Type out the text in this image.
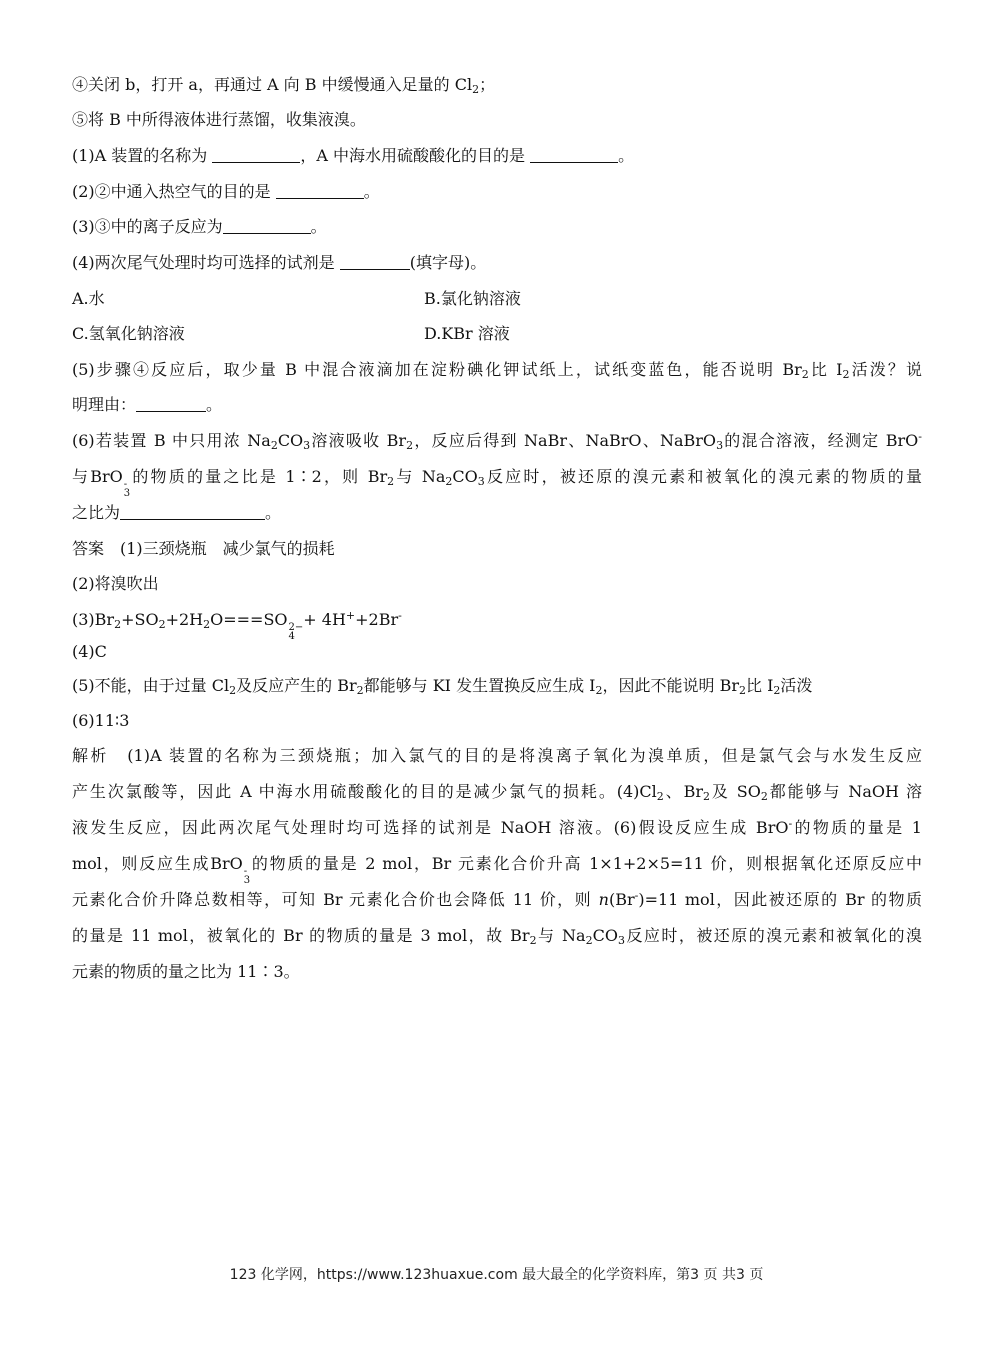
④关闭 b，打开 a，再通过 A 向 B 中缓慢通入足量的 $Cl_2$；
⑤将 B 中所得液体进行蒸馏，收集液溴。
(1)A 装置的名称为	，A 中海水用硫酸酸化的目的是	。
(2)②中通入热空气的目的是	。
(3)③中的离子反应为	。
(4)两次尾气处理时均可选择的试剂是	(填字母)。
A.水	B.氯化钠溶液
C.氢氧化钠溶液	D.KBr 溶液
(5)步骤④反应后，取少量 B 中混合液滴加在淀粉碘化钾试纸上，试纸变蓝色，能否说明 $Br_2$比 $I_2$活泼？说
明理由：	。
(6)若装置 B 中只用浓 $Na_2CO_3$溶液吸收 $Br_2$，反应后得到 NaBr、NaBrO、NaBrO$_3$的混合溶液，经测定 BrO-
与BrO -
3
的物质的量之比是 1∶2，则 $Br_2$与 $Na_2CO_3$反应时，被还原的溴元素和被氧化的溴元素的物质的量
之比为	。
答案　(1)三颈烧瓶　减少氯气的损耗
(2)将溴吹出
$(3)Br_2+SO_2+2H_2O===SO$ 2−
4
+ 4H++2Br-
(4)C
(5)不能，由于过量 $Cl_2$及反应产生的 $Br_2$都能够与 KI 发生置换反应生成 $I_2$，因此不能说明 $Br_2$比 $I_2$活泼
(6)11∶3
解析　(1)A 装置的名称为三颈烧瓶；加入氯气的目的是将溴离子氧化为溴单质，但是氯气会与水发生反应
产生次氯酸等，因此 A 中海水用硫酸酸化的目的是减少氯气的损耗。$(4)Cl_2$、$Br_2$及 $SO_2$都能够与 NaOH 溶
液发生反应，因此两次尾气处理时均可选择的试剂是 NaOH 溶液。(6)假设反应生成 BrO-的物质的量是 1
mol，则反应生成BrO -
3
的物质的量是 2 mol，Br 元素化合价升高 1×1+2×5=11 价，则根据氧化还原反应中
元素化合价升降总数相等，可知 Br 元素化合价也会降低 11 价，则 n(Br-)=11 mol，因此被还原的 Br 的物质
的量是 11 mol，被氧化的 Br 的物质的量是 3 mol，故 $Br_2$与 $Na_2CO_3$反应时，被还原的溴元素和被氧化的溴
元素的物质的量之比为 11∶3。
123 化学网，https://www.123huaxue.com 最大最全的化学资料库，第3 页 共3 页
